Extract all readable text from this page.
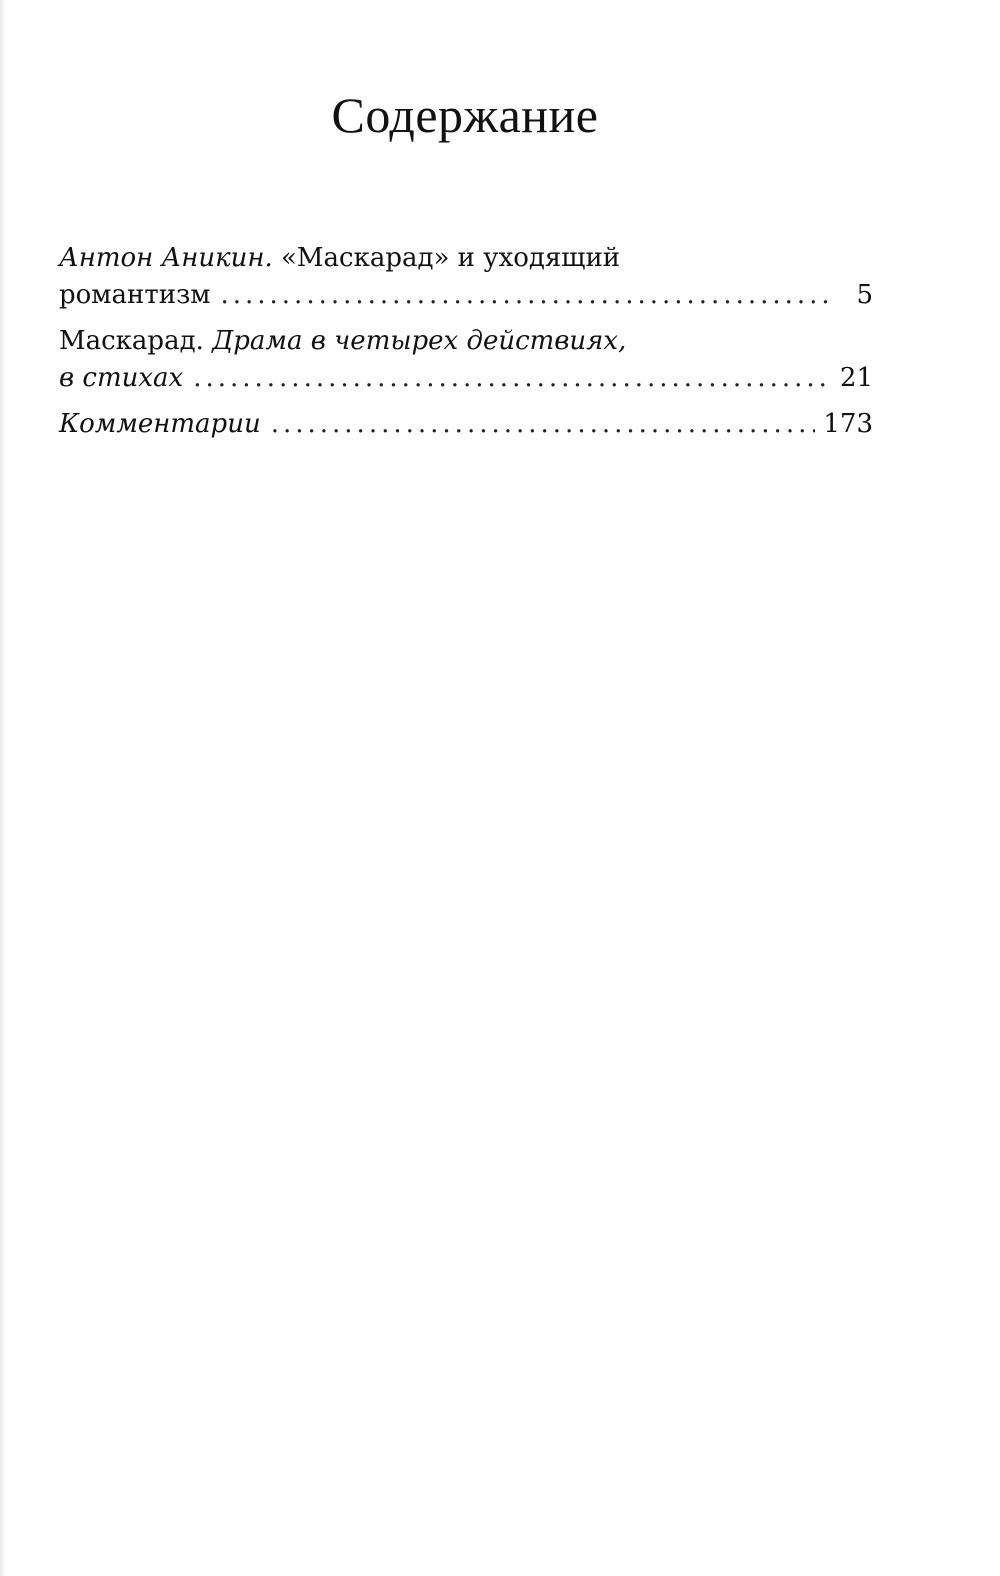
Содержание
Антон Аникин. «Маскарад» и уходящий
романтизм .....	5
Маскарад. Драма в четырех действиях,
в стихах .....	21
Комментарии .....	173
